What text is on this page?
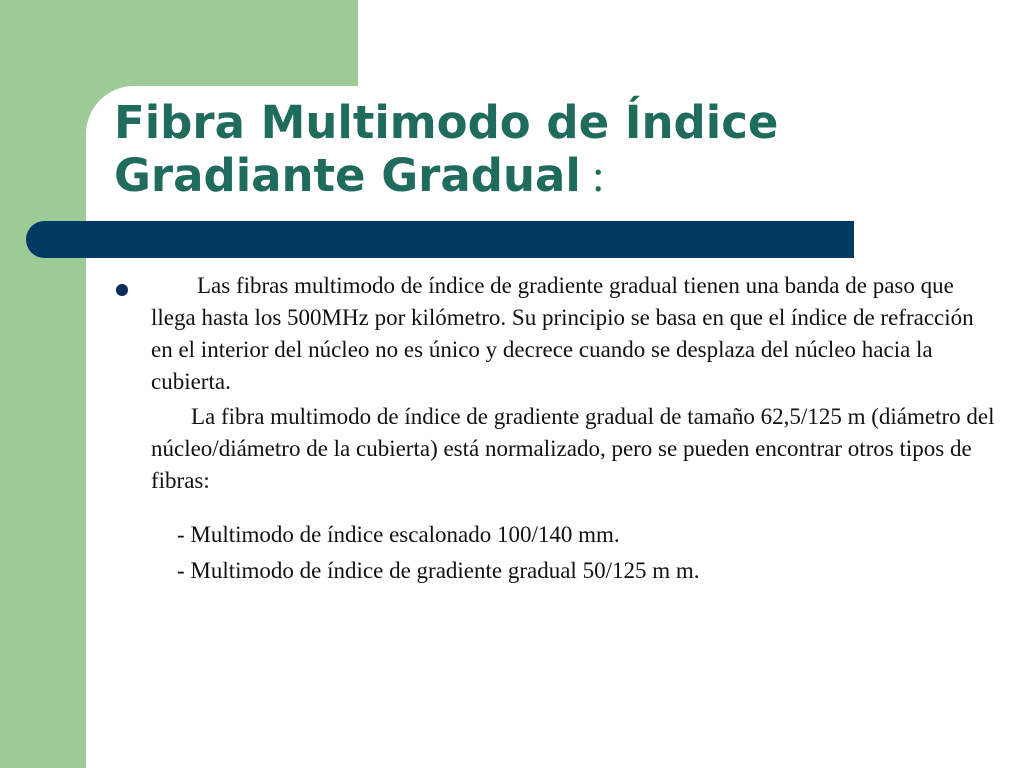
Fibra Multimodo de Índice Gradiante Gradual :

Las fibras multimodo de índice de gradiente gradual tienen una banda de paso que llega hasta los 500MHz por kilómetro. Su principio se basa en que el índice de refracción en el interior del núcleo no es único y decrece cuando se desplaza del núcleo hacia la cubierta.

La fibra multimodo de índice de gradiente gradual de tamaño 62,5/125 m (diámetro del núcleo/diámetro de la cubierta) está normalizado, pero se pueden encontrar otros tipos de fibras:

- Multimodo de índice escalonado 100/140 mm.

- Multimodo de índice de gradiente gradual 50/125 m m.
